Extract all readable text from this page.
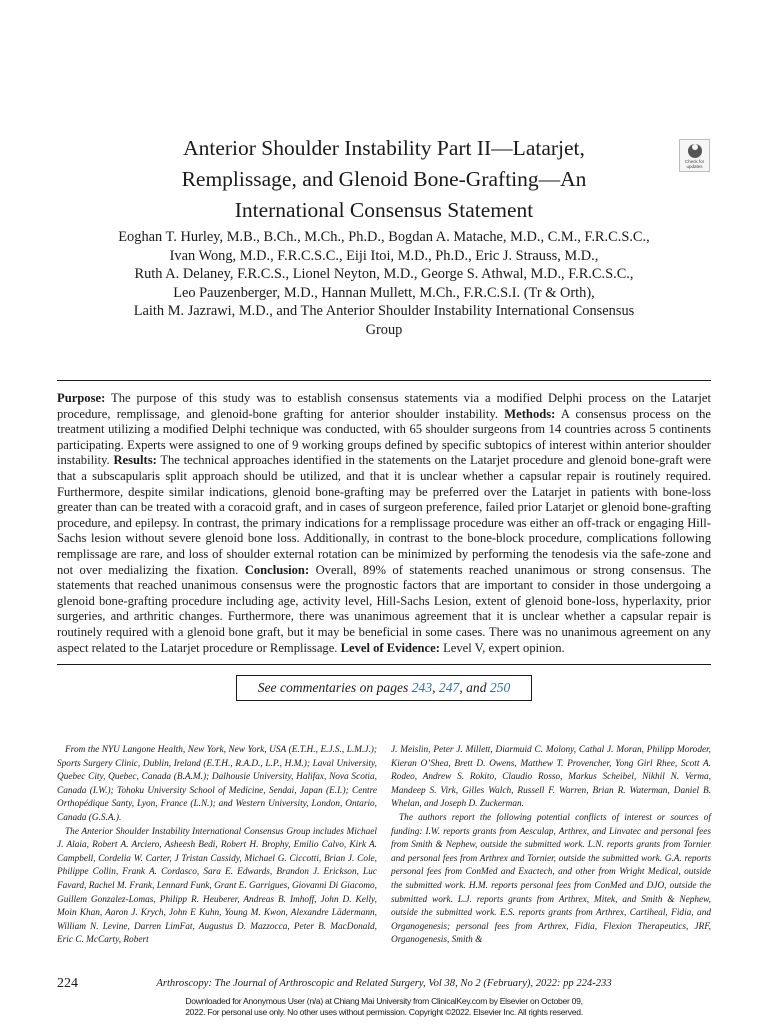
Anterior Shoulder Instability Part II—Latarjet,
Remplissage, and Glenoid Bone-Grafting—An
International Consensus Statement
Check for
updates
Eoghan T. Hurley, M.B., B.Ch., M.Ch., Ph.D., Bogdan A. Matache, M.D., C.M., F.R.C.S.C.,
Ivan Wong, M.D., F.R.C.S.C., Eiji Itoi, M.D., Ph.D., Eric J. Strauss, M.D.,
Ruth A. Delaney, F.R.C.S., Lionel Neyton, M.D., George S. Athwal, M.D., F.R.C.S.C.,
Leo Pauzenberger, M.D., Hannan Mullett, M.Ch., F.R.C.S.I. (Tr & Orth),
Laith M. Jazrawi, M.D., and The Anterior Shoulder Instability International Consensus
Group

Purpose: The purpose of this study was to establish consensus statements via a modified Delphi process on the Latarjet procedure, remplissage, and glenoid-bone grafting for anterior shoulder instability. Methods: A consensus process on the treatment utilizing a modified Delphi technique was conducted, with 65 shoulder surgeons from 14 countries across 5 continents participating. Experts were assigned to one of 9 working groups defined by specific subtopics of interest within anterior shoulder instability. Results: The technical approaches identified in the statements on the Latarjet procedure and glenoid bone-graft were that a subscapularis split approach should be utilized, and that it is unclear whether a capsular repair is routinely required. Furthermore, despite similar indications, glenoid bone-grafting may be preferred over the Latarjet in patients with bone-loss greater than can be treated with a coracoid graft, and in cases of surgeon preference, failed prior Latarjet or glenoid bone-grafting procedure, and epilepsy. In contrast, the primary indications for a remplissage procedure was either an off-track or engaging Hill-Sachs lesion without severe glenoid bone loss. Additionally, in contrast to the bone-block procedure, complications following remplissage are rare, and loss of shoulder external rotation can be minimized by performing the tenodesis via the safe-zone and not over medializing the fixation. Conclusion: Overall, 89% of statements reached unanimous or strong consensus. The statements that reached unanimous consensus were the prognostic factors that are important to consider in those undergoing a glenoid bone-grafting procedure including age, activity level, Hill-Sachs Lesion, extent of glenoid bone-loss, hyperlaxity, prior surgeries, and arthritic changes. Furthermore, there was unanimous agreement that it is unclear whether a capsular repair is routinely required with a glenoid bone graft, but it may be beneficial in some cases. There was no unanimous agreement on any aspect related to the Latarjet procedure or Remplissage. Level of Evidence: Level V, expert opinion.

See commentaries on pages 243, 247, and 250

From the NYU Langone Health, New York, New York, USA (E.T.H., E.J.S., L.M.J.); Sports Surgery Clinic, Dublin, Ireland (E.T.H., R.A.D., L.P., H.M.); Laval University, Quebec City, Quebec, Canada (B.A.M.); Dalhousie University, Halifax, Nova Scotia, Canada (I.W.); Tohoku University School of Medicine, Sendai, Japan (E.I.); Centre Orthopédique Santy, Lyon, France (L.N.); and Western University, London, Ontario, Canada (G.S.A.).

The Anterior Shoulder Instability International Consensus Group includes Michael J. Alaia, Robert A. Arciero, Asheesh Bedi, Robert H. Brophy, Emilio Calvo, Kirk A. Campbell, Cordelia W. Carter, J Tristan Cassidy, Michael G. Ciccotti, Brian J. Cole, Philippe Collin, Frank A. Cordasco, Sara E. Edwards, Brandon J. Erickson, Luc Favard, Rachel M. Frank, Lennard Funk, Grant E. Garrigues, Giovanni Di Giacomo, Guillem Gonzalez-Lomas, Philipp R. Heuberer, Andreas B. Imhoff, John D. Kelly, Moin Khan, Aaron J. Krych, John E Kuhn, Young M. Kwon, Alexandre Lädermann, William N. Levine, Darren LimFat, Augustus D. Mazzocca, Peter B. MacDonald, Eric C. McCarty, Robert

J. Meislin, Peter J. Millett, Diarmuid C. Molony, Cathal J. Moran, Philipp Moroder, Kieran O’Shea, Brett D. Owens, Matthew T. Provencher, Yong Girl Rhee, Scott A. Rodeo, Andrew S. Rokito, Claudio Rosso, Markus Scheibel, Nikhil N. Verma, Mandeep S. Virk, Gilles Walch, Russell F. Warren, Brian R. Waterman, Daniel B. Whelan, and Joseph D. Zuckerman.

The authors report the following potential conflicts of interest or sources of funding: I.W. reports grants from Aesculap, Arthrex, and Linvatec and personal fees from Smith & Nephew, outside the submitted work. L.N. reports grants from Tornier and personal fees from Arthrex and Tornier, outside the submitted work. G.A. reports personal fees from ConMed and Exactech, and other from Wright Medical, outside the submitted work. H.M. reports personal fees from ConMed and DJO, outside the submitted work. L.J. reports grants from Arthrex, Mitek, and Smith & Nephew, outside the submitted work. E.S. reports grants from Arthrex, Cartiheal, Fidia, and Organogenesis; personal fees from Arthrex, Fidia, Flexion Therapeutics, JRF, Organogenesis, Smith &

224	Arthroscopy: The Journal of Arthroscopic and Related Surgery, Vol 38, No 2 (February), 2022: pp 224-233
Downloaded for Anonymous User (n/a) at Chiang Mai University from ClinicalKey.com by Elsevier on October 09,
2022. For personal use only. No other uses without permission. Copyright ©2022. Elsevier Inc. All rights reserved.
